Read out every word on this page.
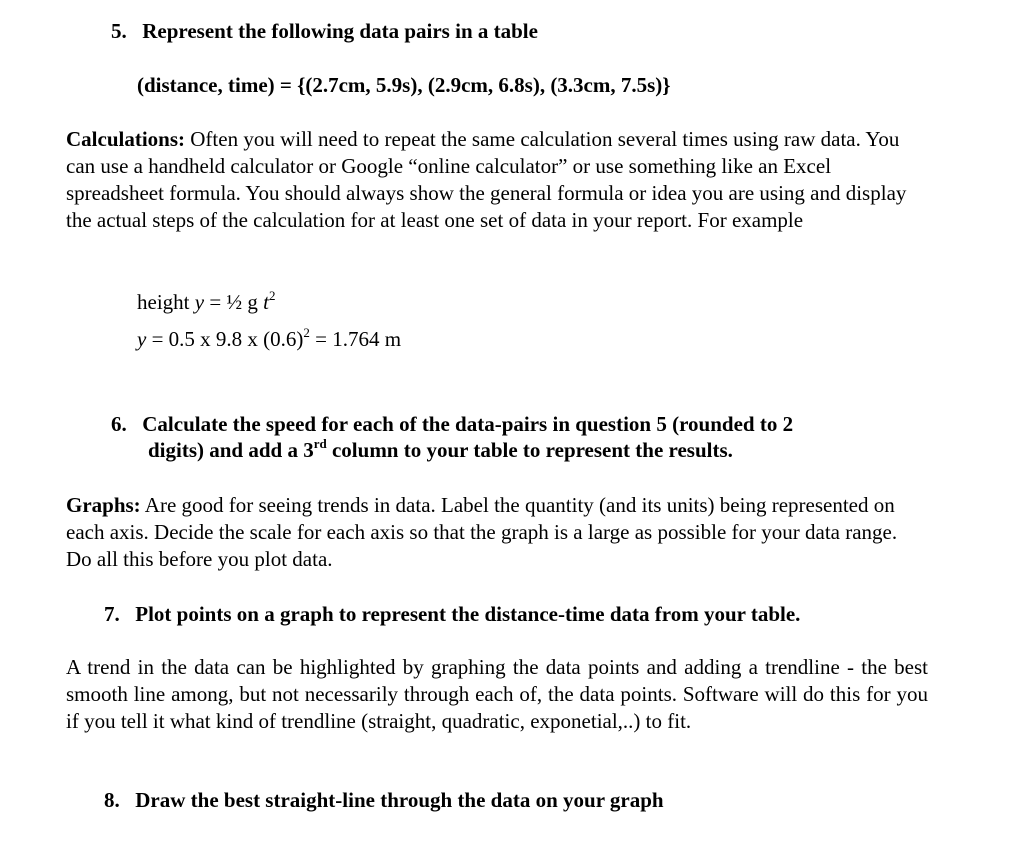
5. Represent the following data pairs in a table

(distance, time) = {(2.7cm, 5.9s), (2.9cm, 6.8s), (3.3cm, 7.5s)}

Calculations: Often you will need to repeat the same calculation several times using raw data. You can use a handheld calculator or Google “online calculator” or use something like an Excel spreadsheet formula. You should always show the general formula or idea you are using and display the actual steps of the calculation for at least one set of data in your report. For example

height y = ½ g $t^2$

y = 0.5 x 9.8 x $(0.6)^2 = 1.764$ m

6. Calculate the speed for each of the data-pairs in question 5 (rounded to 2
digits) and add a 3rd column to your table to represent the results.

Graphs: Are good for seeing trends in data. Label the quantity (and its units) being represented on each axis. Decide the scale for each axis so that the graph is a large as possible for your data range. Do all this before you plot data.

7. Plot points on a graph to represent the distance-time data from your table.

A trend in the data can be highlighted by graphing the data points and adding a trendline - the best smooth line among, but not necessarily through each of, the data points. Software will do this for you if you tell it what kind of trendline (straight, quadratic, exponetial,..) to fit.

8. Draw the best straight-line through the data on your graph
